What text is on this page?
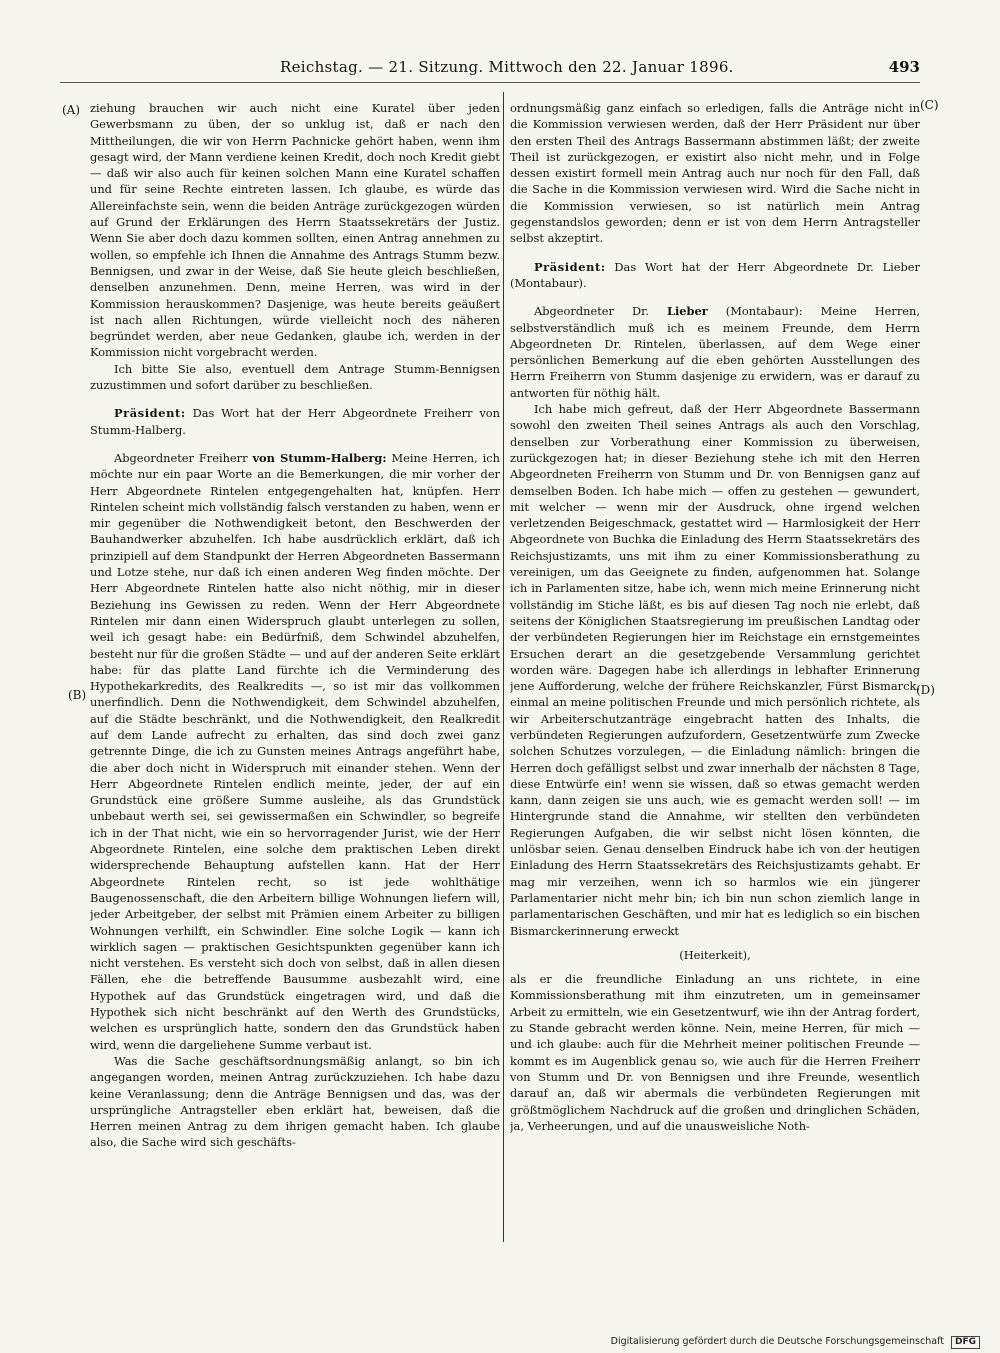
Reichstag. — 21. Sitzung. Mittwoch den 22. Januar 1896.	493
(A)
(B)
(C)
(D)

ziehung brauchen wir auch nicht eine Kuratel über jeden Gewerbsmann zu üben, der so unklug ist, daß er nach den Mittheilungen, die wir von Herrn Pachnicke gehört haben, wenn ihm gesagt wird, der Mann verdiene keinen Kredit, doch noch Kredit giebt — daß wir also auch für keinen solchen Mann eine Kuratel schaffen und für seine Rechte eintreten lassen. Ich glaube, es würde das Allereinfachste sein, wenn die beiden Anträge zurückgezogen würden auf Grund der Erklärungen des Herrn Staatssekretärs der Justiz. Wenn Sie aber doch dazu kommen sollten, einen Antrag annehmen zu wollen, so empfehle ich Ihnen die Annahme des Antrags Stumm bezw. Bennigsen, und zwar in der Weise, daß Sie heute gleich beschließen, denselben anzunehmen. Denn, meine Herren, was wird in der Kommission herauskommen? Dasjenige, was heute bereits geäußert ist nach allen Richtungen, würde vielleicht noch des näheren begründet werden, aber neue Gedanken, glaube ich, werden in der Kommission nicht vorgebracht werden.

Ich bitte Sie also, eventuell dem Antrage Stumm-Bennigsen zuzustimmen und sofort darüber zu beschließen.

Präsident: Das Wort hat der Herr Abgeordnete Freiherr von Stumm-Halberg.

Abgeordneter Freiherr von Stumm-Halberg: Meine Herren, ich möchte nur ein paar Worte an die Bemerkungen, die mir vorher der Herr Abgeordnete Rintelen entgegengehalten hat, knüpfen. Herr Rintelen scheint mich vollständig falsch verstanden zu haben, wenn er mir gegenüber die Nothwendigkeit betont, den Beschwerden der Bauhandwerker abzuhelfen. Ich habe ausdrücklich erklärt, daß ich prinzipiell auf dem Standpunkt der Herren Abgeordneten Bassermann und Lotze stehe, nur daß ich einen anderen Weg finden möchte. Der Herr Abgeordnete Rintelen hatte also nicht nöthig, mir in dieser Beziehung ins Gewissen zu reden. Wenn der Herr Abgeordnete Rintelen mir dann einen Widerspruch glaubt unterlegen zu sollen, weil ich gesagt habe: ein Bedürfniß, dem Schwindel abzuhelfen, besteht nur für die großen Städte — und auf der anderen Seite erklärt habe: für das platte Land fürchte ich die Verminderung des Hypothekarkredits, des Realkredits —, so ist mir das vollkommen unerfindlich. Denn die Nothwendigkeit, dem Schwindel abzuhelfen, auf die Städte beschränkt, und die Nothwendigkeit, den Realkredit auf dem Lande aufrecht zu erhalten, das sind doch zwei ganz getrennte Dinge, die ich zu Gunsten meines Antrags angeführt habe, die aber doch nicht in Widerspruch mit einander stehen. Wenn der Herr Abgeordnete Rintelen endlich meinte, jeder, der auf ein Grundstück eine größere Summe ausleihe, als das Grundstück unbebaut werth sei, sei gewissermaßen ein Schwindler, so begreife ich in der That nicht, wie ein so hervorragender Jurist, wie der Herr Abgeordnete Rintelen, eine solche dem praktischen Leben direkt widersprechende Behauptung aufstellen kann. Hat der Herr Abgeordnete Rintelen recht, so ist jede wohlthätige Baugenossenschaft, die den Arbeitern billige Wohnungen liefern will, jeder Arbeitgeber, der selbst mit Prämien einem Arbeiter zu billigen Wohnungen verhilft, ein Schwindler. Eine solche Logik — kann ich wirklich sagen — praktischen Gesichtspunkten gegenüber kann ich nicht verstehen. Es versteht sich doch von selbst, daß in allen diesen Fällen, ehe die betreffende Bausumme ausbezahlt wird, eine Hypothek auf das Grundstück eingetragen wird, und daß die Hypothek sich nicht beschränkt auf den Werth des Grundstücks, welchen es ursprünglich hatte, sondern den das Grundstück haben wird, wenn die dargeliehene Summe verbaut ist.

Was die Sache geschäftsordnungsmäßig anlangt, so bin ich angegangen worden, meinen Antrag zurückzuziehen. Ich habe dazu keine Veranlassung; denn die Anträge Bennigsen und das, was der ursprüngliche Antragsteller eben erklärt hat, beweisen, daß die Herren meinen Antrag zu dem ihrigen gemacht haben. Ich glaube also, die Sache wird sich geschäfts-

ordnungsmäßig ganz einfach so erledigen, falls die Anträge nicht in die Kommission verwiesen werden, daß der Herr Präsident nur über den ersten Theil des Antrags Bassermann abstimmen läßt; der zweite Theil ist zurückgezogen, er existirt also nicht mehr, und in Folge dessen existirt formell mein Antrag auch nur noch für den Fall, daß die Sache in die Kommission verwiesen wird. Wird die Sache nicht in die Kommission verwiesen, so ist natürlich mein Antrag gegenstandslos geworden; denn er ist von dem Herrn Antragsteller selbst akzeptirt.

Präsident: Das Wort hat der Herr Abgeordnete Dr. Lieber (Montabaur).

Abgeordneter Dr. Lieber (Montabaur): Meine Herren, selbstverständlich muß ich es meinem Freunde, dem Herrn Abgeordneten Dr. Rintelen, überlassen, auf dem Wege einer persönlichen Bemerkung auf die eben gehörten Ausstellungen des Herrn Freiherrn von Stumm dasjenige zu erwidern, was er darauf zu antworten für nöthig hält.

Ich habe mich gefreut, daß der Herr Abgeordnete Bassermann sowohl den zweiten Theil seines Antrags als auch den Vorschlag, denselben zur Vorberathung einer Kommission zu überweisen, zurückgezogen hat; in dieser Beziehung stehe ich mit den Herren Abgeordneten Freiherrn von Stumm und Dr. von Bennigsen ganz auf demselben Boden. Ich habe mich — offen zu gestehen — gewundert, mit welcher — wenn mir der Ausdruck, ohne irgend welchen verletzenden Beigeschmack, gestattet wird — Harmlosigkeit der Herr Abgeordnete von Buchka die Einladung des Herrn Staatssekretärs des Reichsjustizamts, uns mit ihm zu einer Kommissionsberathung zu vereinigen, um das Geeignete zu finden, aufgenommen hat. Solange ich in Parlamenten sitze, habe ich, wenn mich meine Erinnerung nicht vollständig im Stiche läßt, es bis auf diesen Tag noch nie erlebt, daß seitens der Königlichen Staatsregierung im preußischen Landtag oder der verbündeten Regierungen hier im Reichstage ein ernstgemeintes Ersuchen derart an die gesetzgebende Versammlung gerichtet worden wäre. Dagegen habe ich allerdings in lebhafter Erinnerung jene Aufforderung, welche der frühere Reichskanzler, Fürst Bismarck, einmal an meine politischen Freunde und mich persönlich richtete, als wir Arbeiterschutzanträge eingebracht hatten des Inhalts, die verbündeten Regierungen aufzufordern, Gesetzentwürfe zum Zwecke solchen Schutzes vorzulegen, — die Einladung nämlich: bringen die Herren doch gefälligst selbst und zwar innerhalb der nächsten 8 Tage, diese Entwürfe ein! wenn sie wissen, daß so etwas gemacht werden kann, dann zeigen sie uns auch, wie es gemacht werden soll! — im Hintergrunde stand die Annahme, wir stellten den verbündeten Regierungen Aufgaben, die wir selbst nicht lösen könnten, die unlösbar seien. Genau denselben Eindruck habe ich von der heutigen Einladung des Herrn Staatssekretärs des Reichsjustizamts gehabt. Er mag mir verzeihen, wenn ich so harmlos wie ein jüngerer Parlamentarier nicht mehr bin; ich bin nun schon ziemlich lange in parlamentarischen Geschäften, und mir hat es lediglich so ein bischen Bismarckerinnerung erweckt

(Heiterkeit),

als er die freundliche Einladung an uns richtete, in eine Kommissionsberathung mit ihm einzutreten, um in gemeinsamer Arbeit zu ermitteln, wie ein Gesetzentwurf, wie ihn der Antrag fordert, zu Stande gebracht werden könne. Nein, meine Herren, für mich — und ich glaube: auch für die Mehrheit meiner politischen Freunde — kommt es im Augenblick genau so, wie auch für die Herren Freiherr von Stumm und Dr. von Bennigsen und ihre Freunde, wesentlich darauf an, daß wir abermals die verbündeten Regierungen mit größtmöglichem Nachdruck auf die großen und dringlichen Schäden, ja, Verheerungen, und auf die unausweisliche Noth-

Digitalisierung gefördert durch die Deutsche Forschungsgemeinschaft DFG
